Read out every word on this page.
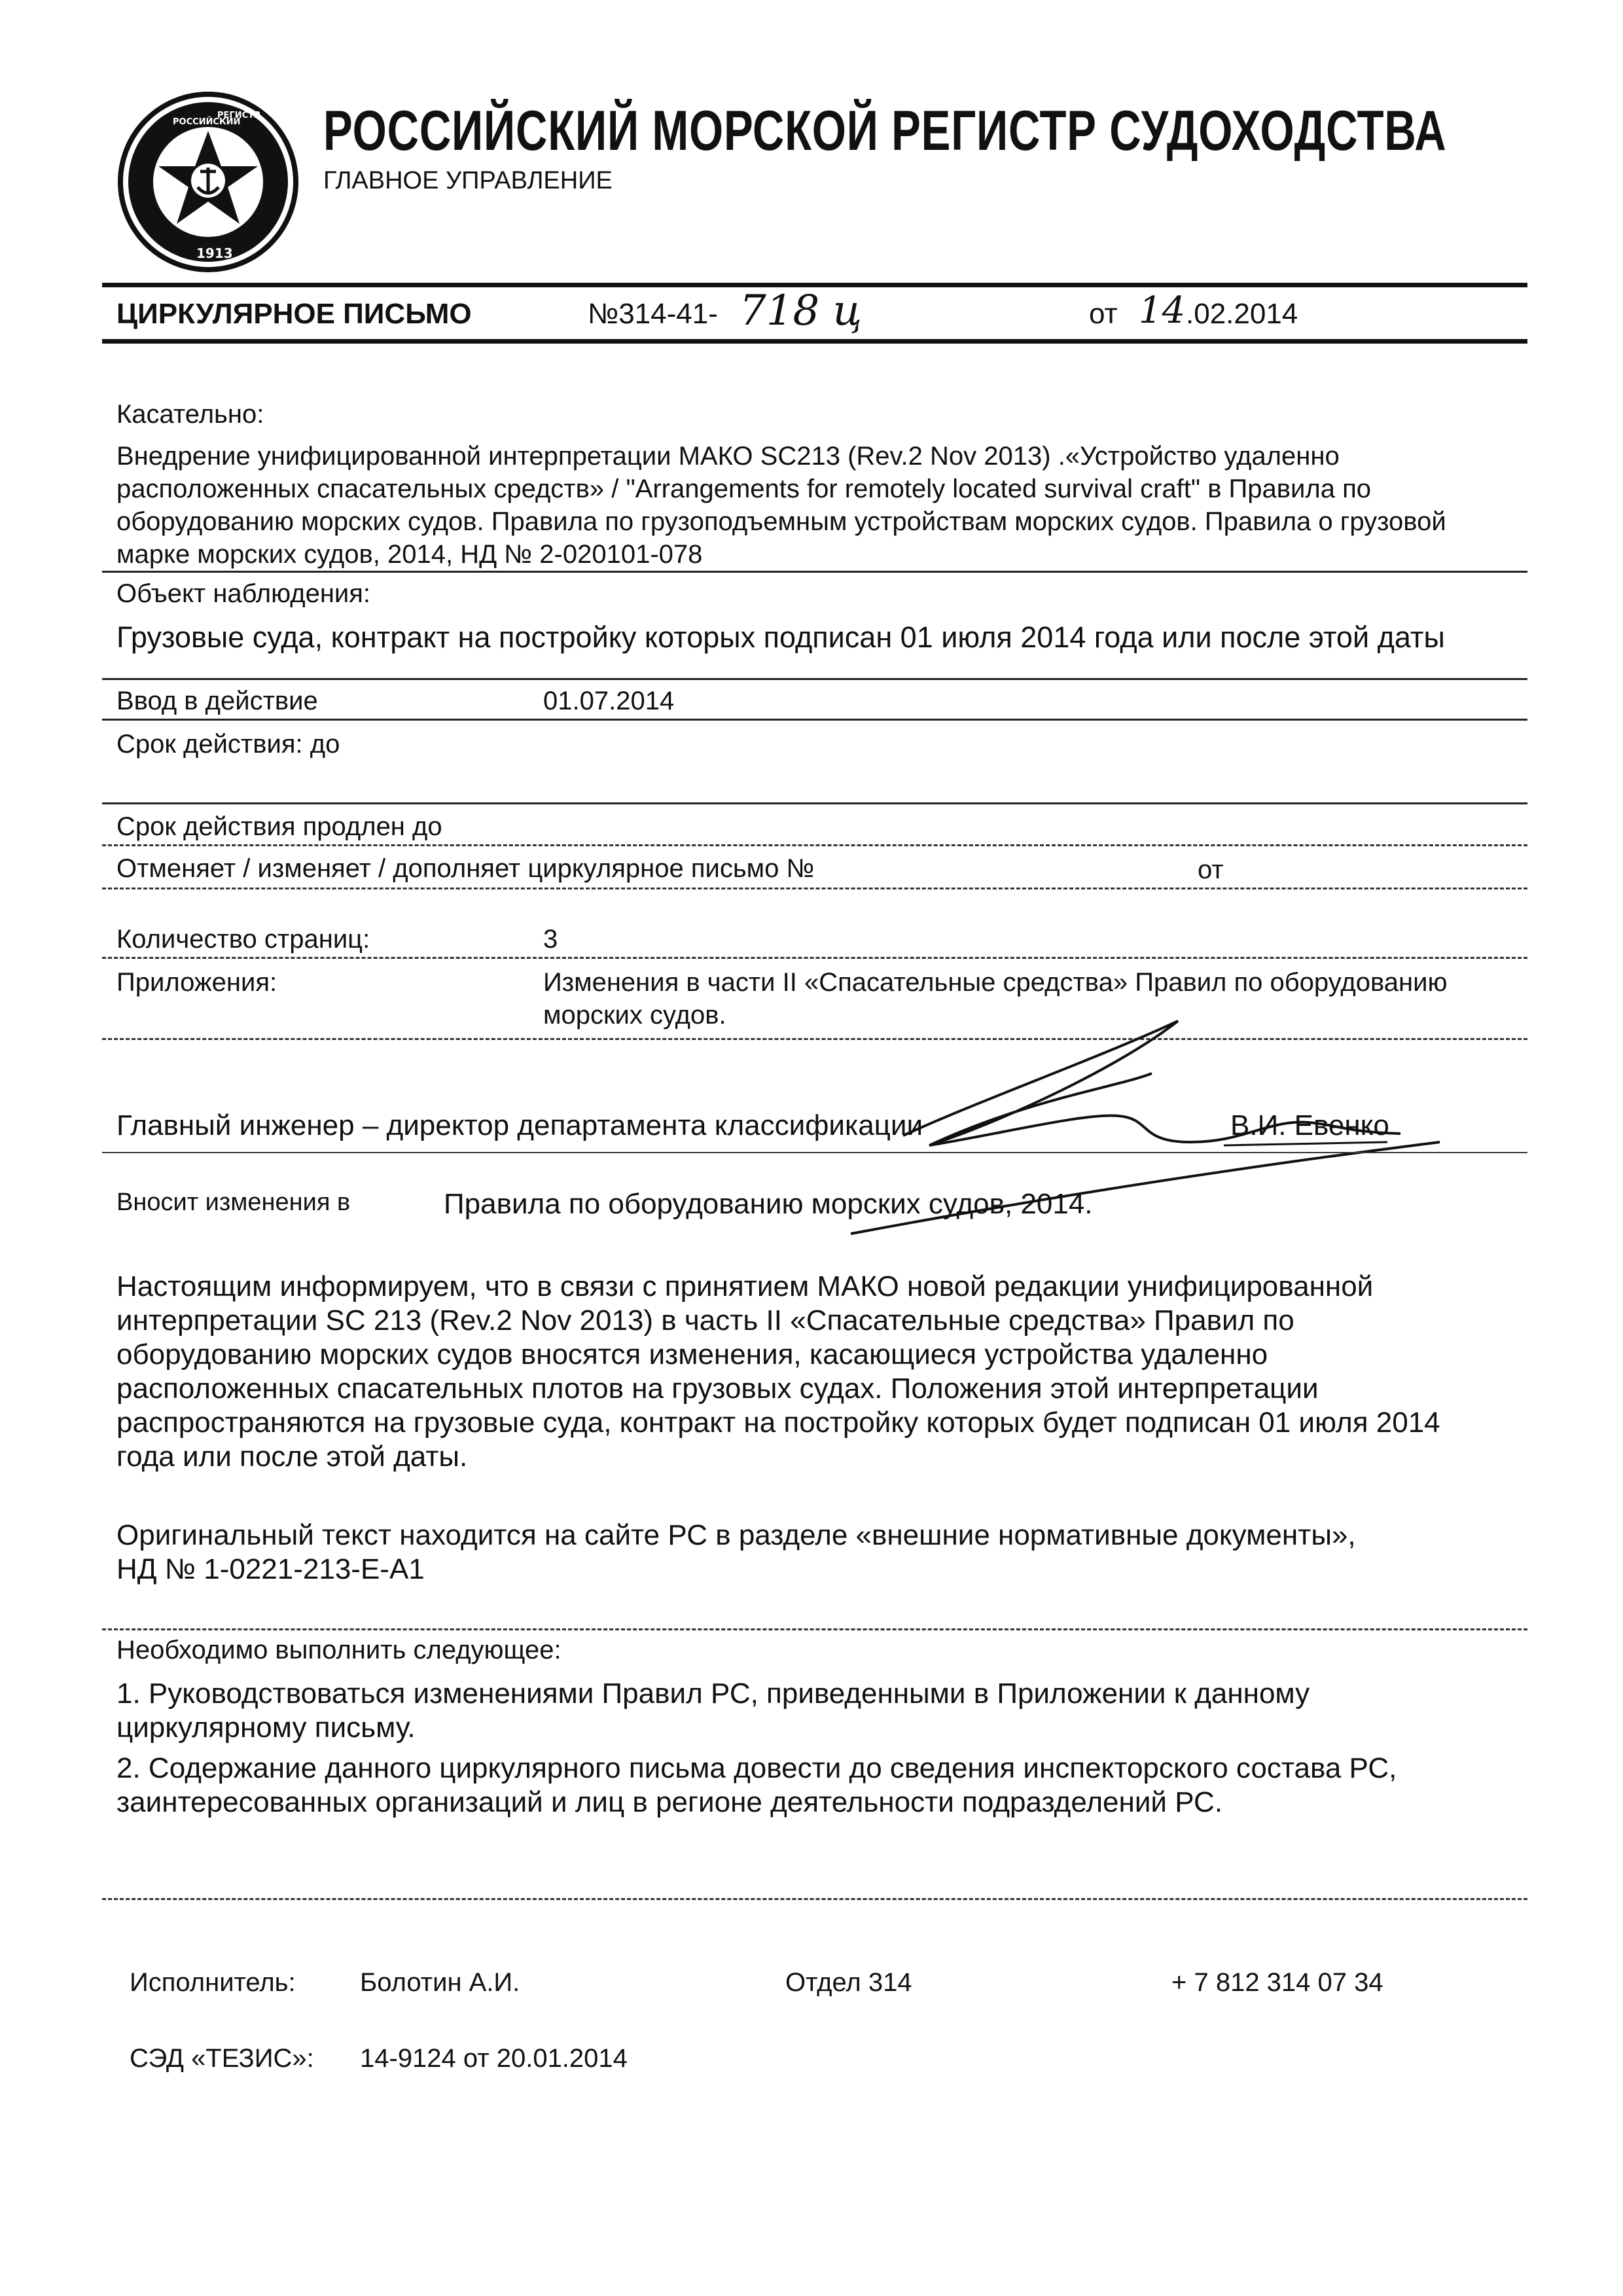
РОССИЙСКИЙ
РЕГИСТР
1913
РОССИЙСКИЙ МОРСКОЙ РЕГИСТР СУДОХОДСТВА
ГЛАВНОЕ УПРАВЛЕНИЕ
ЦИРКУЛЯРНОЕ ПИСЬМО	№314-41- 718 ц	от 14 .02.2014
Касательно:
Внедрение унифицированной интерпретации МАКО SC213 (Rev.2 Nov 2013) .«Устройство удаленно
расположенных спасательных средств» / "Arrangements for remotely located survival craft" в Правила по
оборудованию морских судов. Правила по грузоподъемным устройствам морских судов. Правила о грузовой
марке морских судов, 2014, НД № 2-020101-078
Объект наблюдения:
Грузовые суда, контракт на постройку которых подписан 01 июля 2014 года или после этой даты
Ввод в действие	01.07.2014
Срок действия: до
Срок действия продлен до
Отменяет / изменяет / дополняет циркулярное письмо №	от
Количество страниц:	3
Приложения:	Изменения в части II «Спасательные средства» Правил по оборудованию
морских судов.
Главный инженер – директор департамента классификации	В.И. Евенко
Вносит изменения в	Правила по оборудованию морских судов, 2014.
Настоящим информируем, что в связи с принятием МАКО новой редакции унифицированной
интерпретации SC 213 (Rev.2 Nov 2013) в часть II «Спасательные средства» Правил по
оборудованию морских судов вносятся изменения, касающиеся устройства удаленно
расположенных спасательных плотов на грузовых судах. Положения этой интерпретации
распространяются на грузовые суда, контракт на постройку которых будет подписан 01 июля 2014
года или после этой даты.
Оригинальный текст находится на сайте РС в разделе «внешние нормативные документы»,
НД № 1-0221-213-Е-А1
Необходимо выполнить следующее:
1. Руководствоваться изменениями Правил РС, приведенными в Приложении к данному
циркулярному письму.
2. Содержание данного циркулярного письма довести до сведения инспекторского состава РС,
заинтересованных организаций и лиц в регионе деятельности подразделений РС.
Исполнитель: Болотин А.И.	Отдел 314	+ 7 812 314 07 34
СЭД «ТЕЗИС»: 14-9124 от 20.01.2014
